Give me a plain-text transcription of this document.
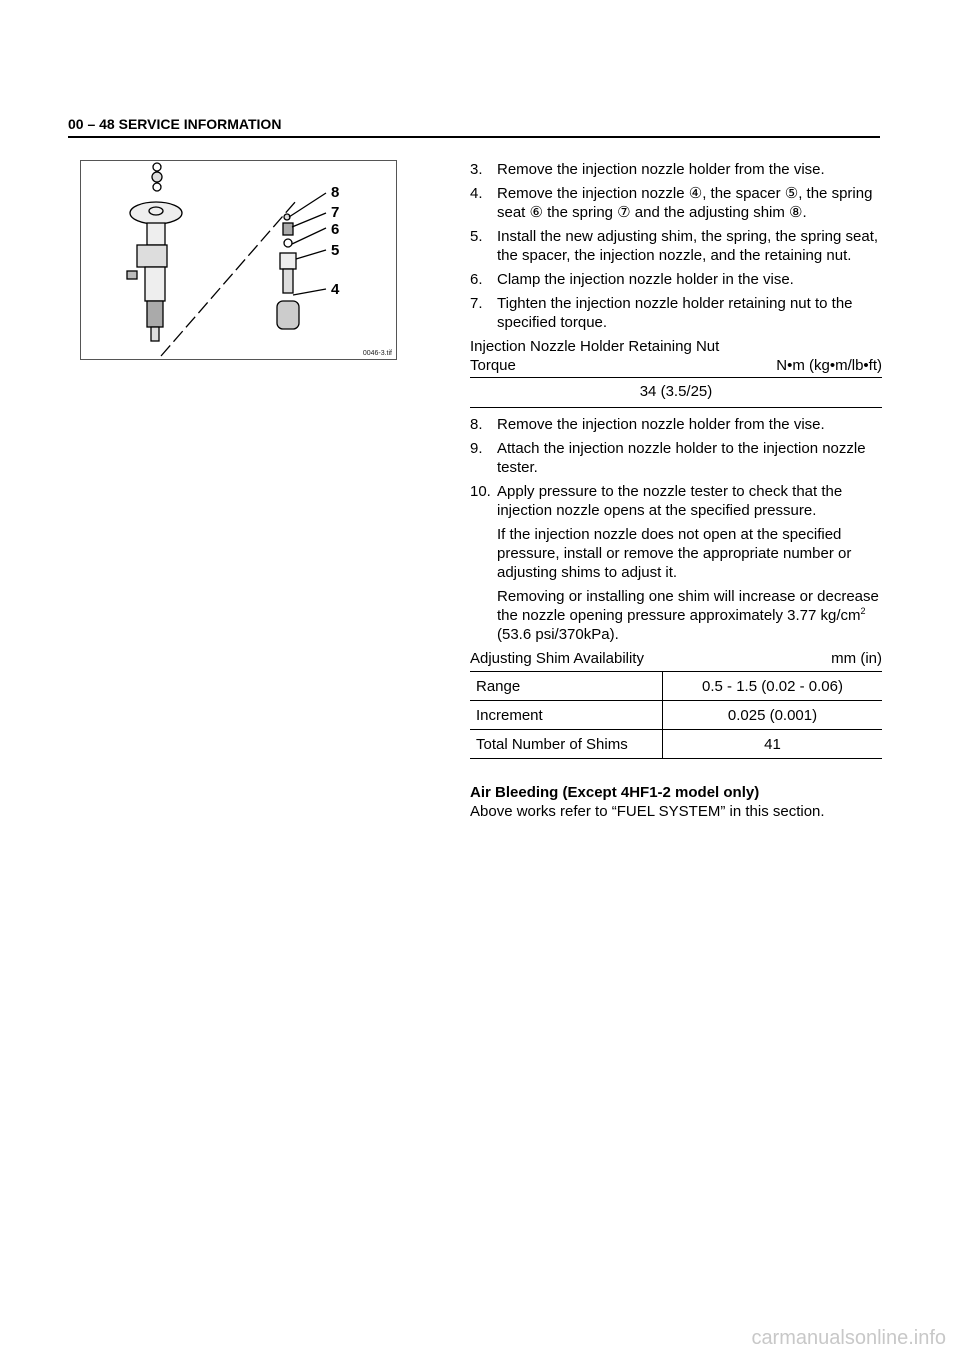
00 – 48 SERVICE INFORMATION
8
7
6
5
4
0046-3.tif
3. Remove the injection nozzle holder from the vise.
4. Remove the injection nozzle ④, the spacer ⑤, the spring seat ⑥ the spring ⑦ and the adjusting shim ⑧.
5. Install the new adjusting shim, the spring, the spring seat, the spacer, the injection nozzle, and the retaining nut.
6. Clamp the injection nozzle holder in the vise.
7. Tighten the injection nozzle holder retaining nut to the specified torque.
Injection Nozzle Holder Retaining Nut Torque	N•m (kg•m/lb•ft)
34 (3.5/25)
8. Remove the injection nozzle holder from the vise.
9. Attach the injection nozzle holder to the injection nozzle tester.
10. Apply pressure to the nozzle tester to check that the injection nozzle opens at the specified pressure.
If the injection nozzle does not open at the specified pressure, install or remove the appropriate number or adjusting shims to adjust it.
Removing or installing one shim will increase or decrease the nozzle opening pressure approximately 3.77 $kg/cm^2$ (53.6 psi/370kPa).
Adjusting Shim Availability	mm (in)
Range	0.5 - 1.5 (0.02 - 0.06)
Increment	0.025 (0.001)
Total Number of Shims	41
Air Bleeding (Except 4HF1-2 model only)
Above works refer to “FUEL SYSTEM” in this section.
carmanualsonline.info
